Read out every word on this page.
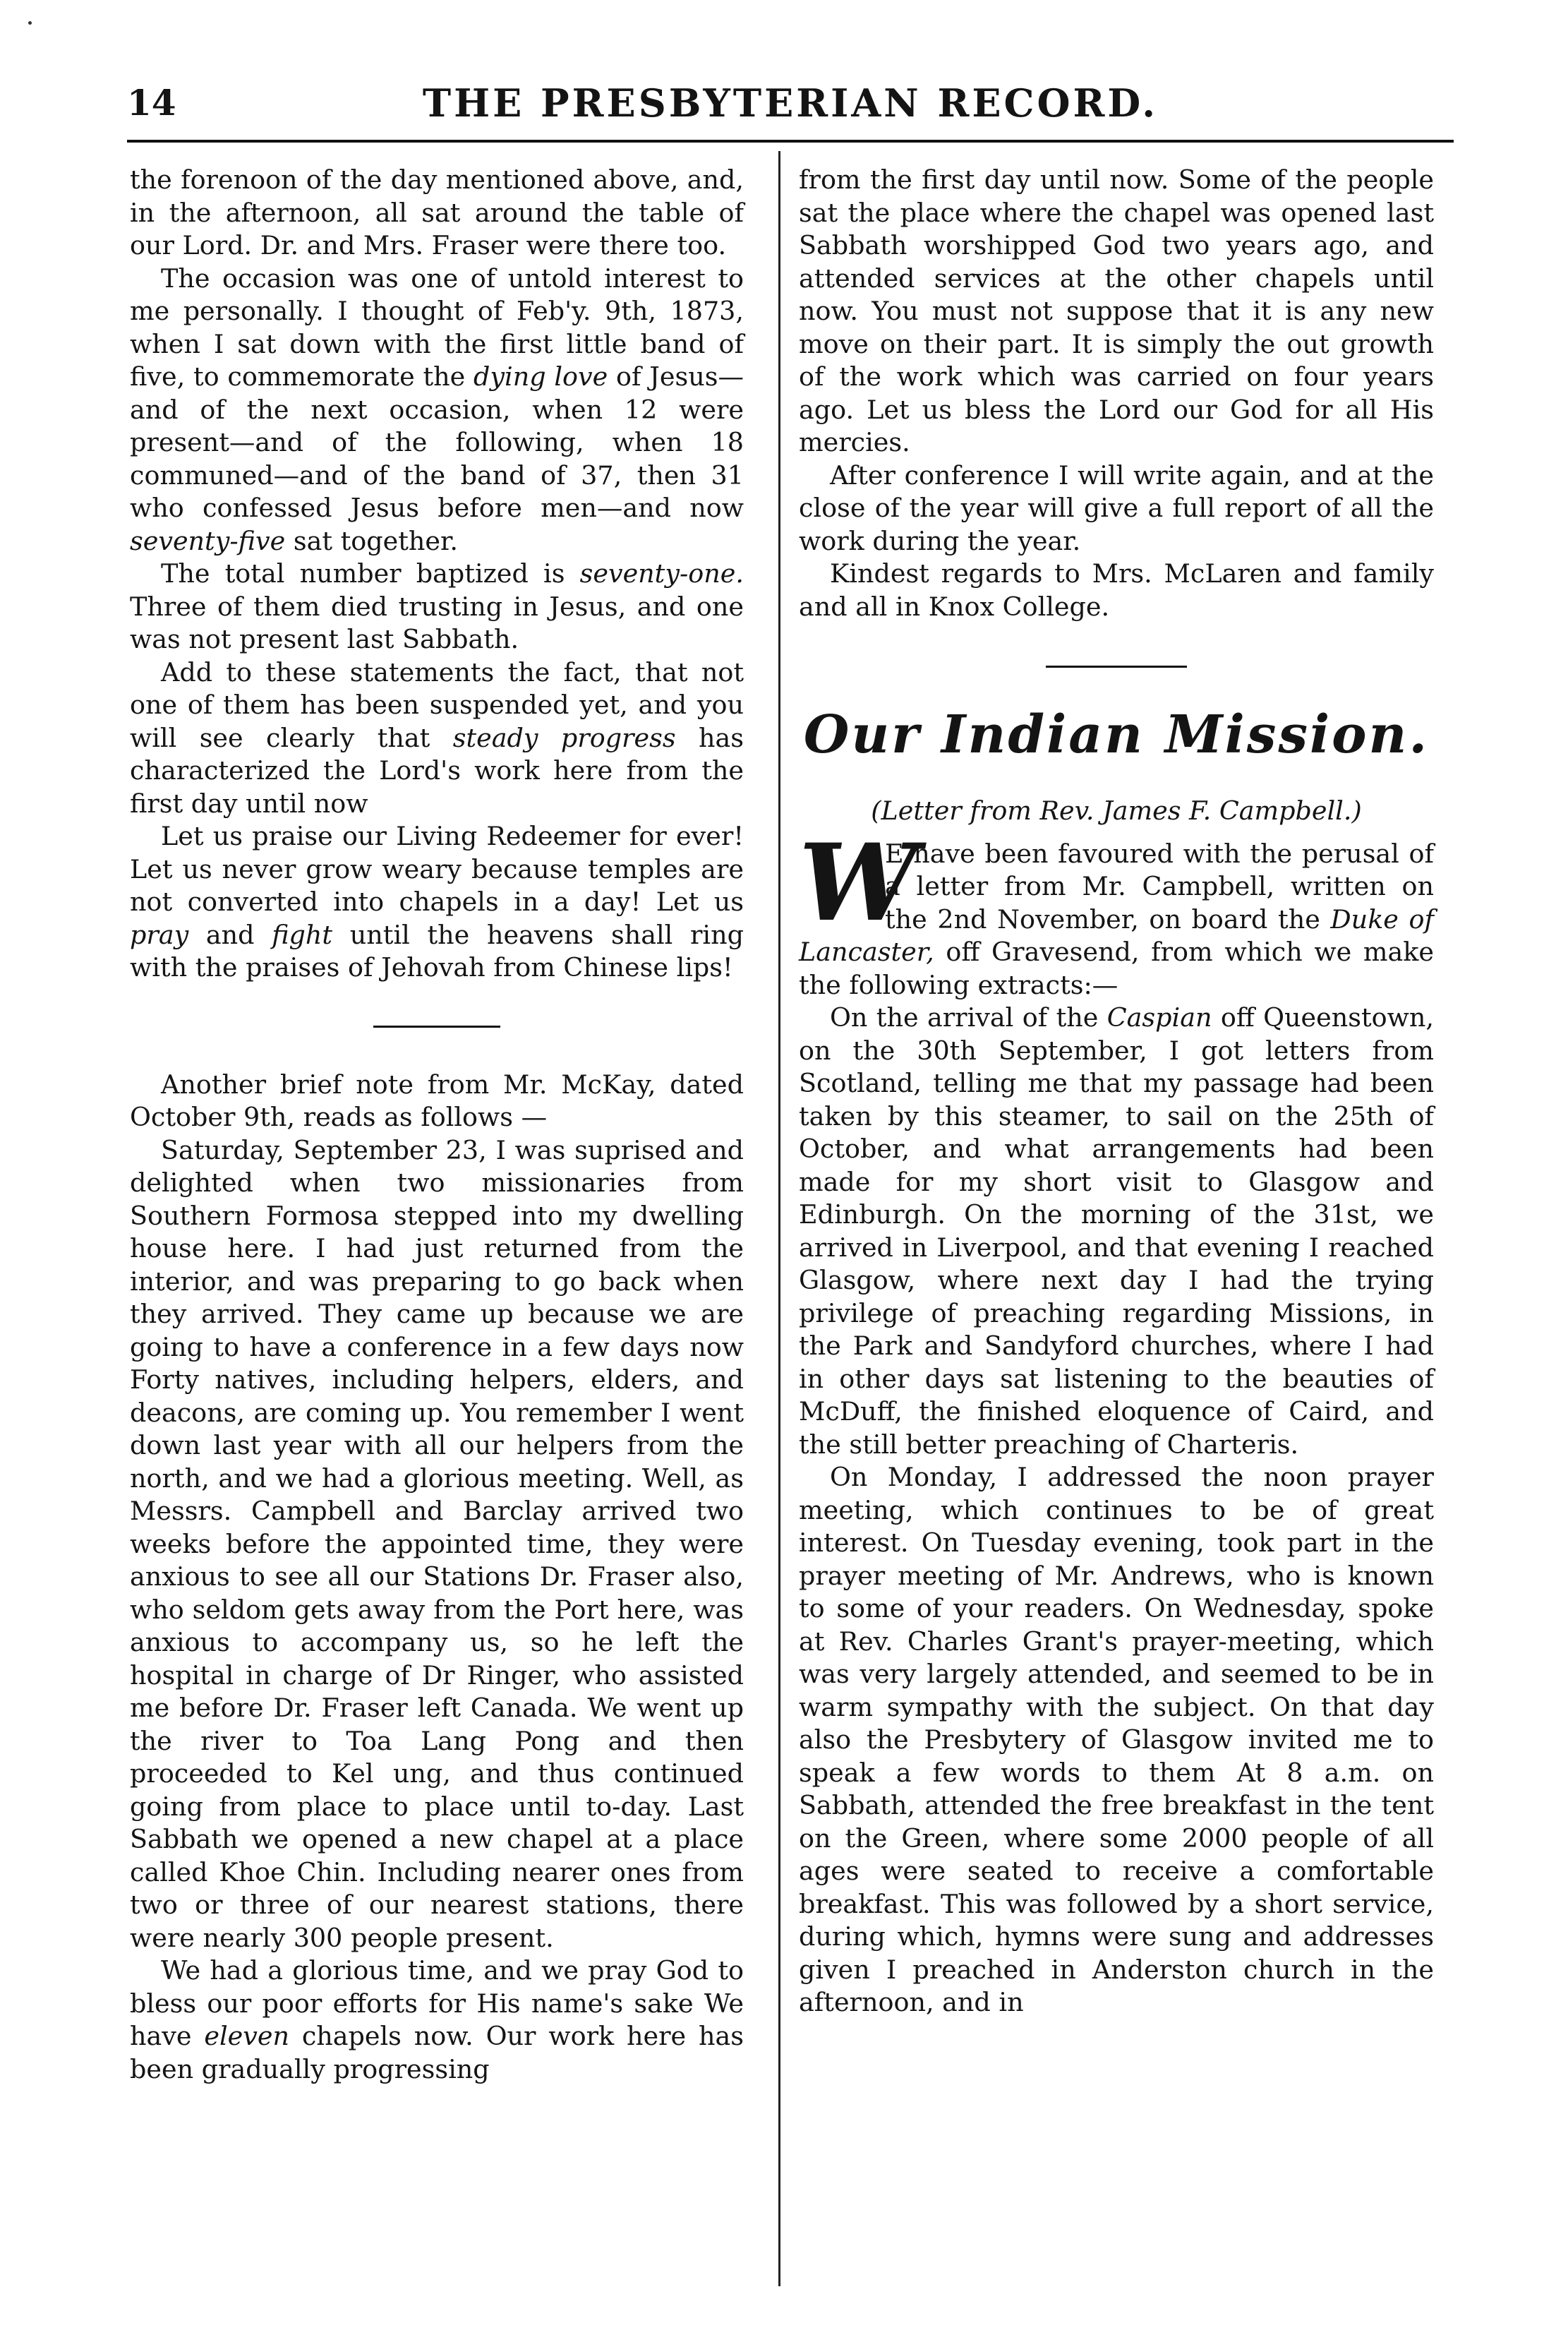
14	THE PRESBYTERIAN RECORD.

the forenoon of the day mentioned above, and, in the afternoon, all sat around the table of our Lord. Dr. and Mrs. Fraser were there too.

The occasion was one of untold interest to me personally. I thought of Feb'y. 9th, 1873, when I sat down with the first little band of five, to commemorate the dying love of Jesus—and of the next occasion, when 12 were present—and of the following, when 18 communed—and of the band of 37, then 31 who confessed Jesus before men—and now seventy-five sat together.

The total number baptized is seventy-one. Three of them died trusting in Jesus, and one was not present last Sabbath.

Add to these statements the fact, that not one of them has been suspended yet, and you will see clearly that steady progress has characterized the Lord's work here from the first day until now

Let us praise our Living Redeemer for ever! Let us never grow weary because temples are not converted into chapels in a day! Let us pray and fight until the heavens shall ring with the praises of Jehovah from Chinese lips!

Another brief note from Mr. McKay, dated October 9th, reads as follows —

Saturday, September 23, I was suprised and delighted when two missionaries from Southern Formosa stepped into my dwelling house here. I had just returned from the interior, and was preparing to go back when they arrived. They came up because we are going to have a conference in a few days now Forty natives, including helpers, elders, and deacons, are coming up. You remember I went down last year with all our helpers from the north, and we had a glorious meeting. Well, as Messrs. Campbell and Barclay arrived two weeks before the appointed time, they were anxious to see all our Stations Dr. Fraser also, who seldom gets away from the Port here, was anxious to accompany us, so he left the hospital in charge of Dr Ringer, who assisted me before Dr. Fraser left Canada. We went up the river to Toa Lang Pong and then proceeded to Kel ung, and thus continued going from place to place until to-day. Last Sabbath we opened a new chapel at a place called Khoe Chin. Including nearer ones from two or three of our nearest stations, there were nearly 300 people present.

We had a glorious time, and we pray God to bless our poor efforts for His name's sake We have eleven chapels now. Our work here has been gradually progressing

from the first day until now. Some of the people sat the place where the chapel was opened last Sabbath worshipped God two years ago, and attended services at the other chapels until now. You must not suppose that it is any new move on their part. It is simply the out growth of the work which was carried on four years ago. Let us bless the Lord our God for all His mercies.

After conference I will write again, and at the close of the year will give a full report of all the work during the year.

Kindest regards to Mrs. McLaren and family and all in Knox College.

Our Indian Mission.

(Letter from Rev. James F. Campbell.)

W
E have been favoured with the perusal of a letter from Mr. Campbell, written on the 2nd November, on board the Duke of Lancaster, off Gravesend, from which we make the following extracts:—

On the arrival of the Caspian off Queenstown, on the 30th September, I got letters from Scotland, telling me that my passage had been taken by this steamer, to sail on the 25th of October, and what arrangements had been made for my short visit to Glasgow and Edinburgh. On the morning of the 31st, we arrived in Liverpool, and that evening I reached Glasgow, where next day I had the trying privilege of preaching regarding Missions, in the Park and Sandyford churches, where I had in other days sat listening to the beauties of McDuff, the finished eloquence of Caird, and the still better preaching of Charteris.

On Monday, I addressed the noon prayer meeting, which continues to be of great interest. On Tuesday evening, took part in the prayer meeting of Mr. Andrews, who is known to some of your readers. On Wednesday, spoke at Rev. Charles Grant's prayer-meeting, which was very largely attended, and seemed to be in warm sympathy with the subject. On that day also the Presbytery of Glasgow invited me to speak a few words to them At 8 a.m. on Sabbath, attended the free breakfast in the tent on the Green, where some 2000 people of all ages were seated to receive a comfortable breakfast. This was followed by a short service, during which, hymns were sung and addresses given I preached in Anderston church in the afternoon, and in
